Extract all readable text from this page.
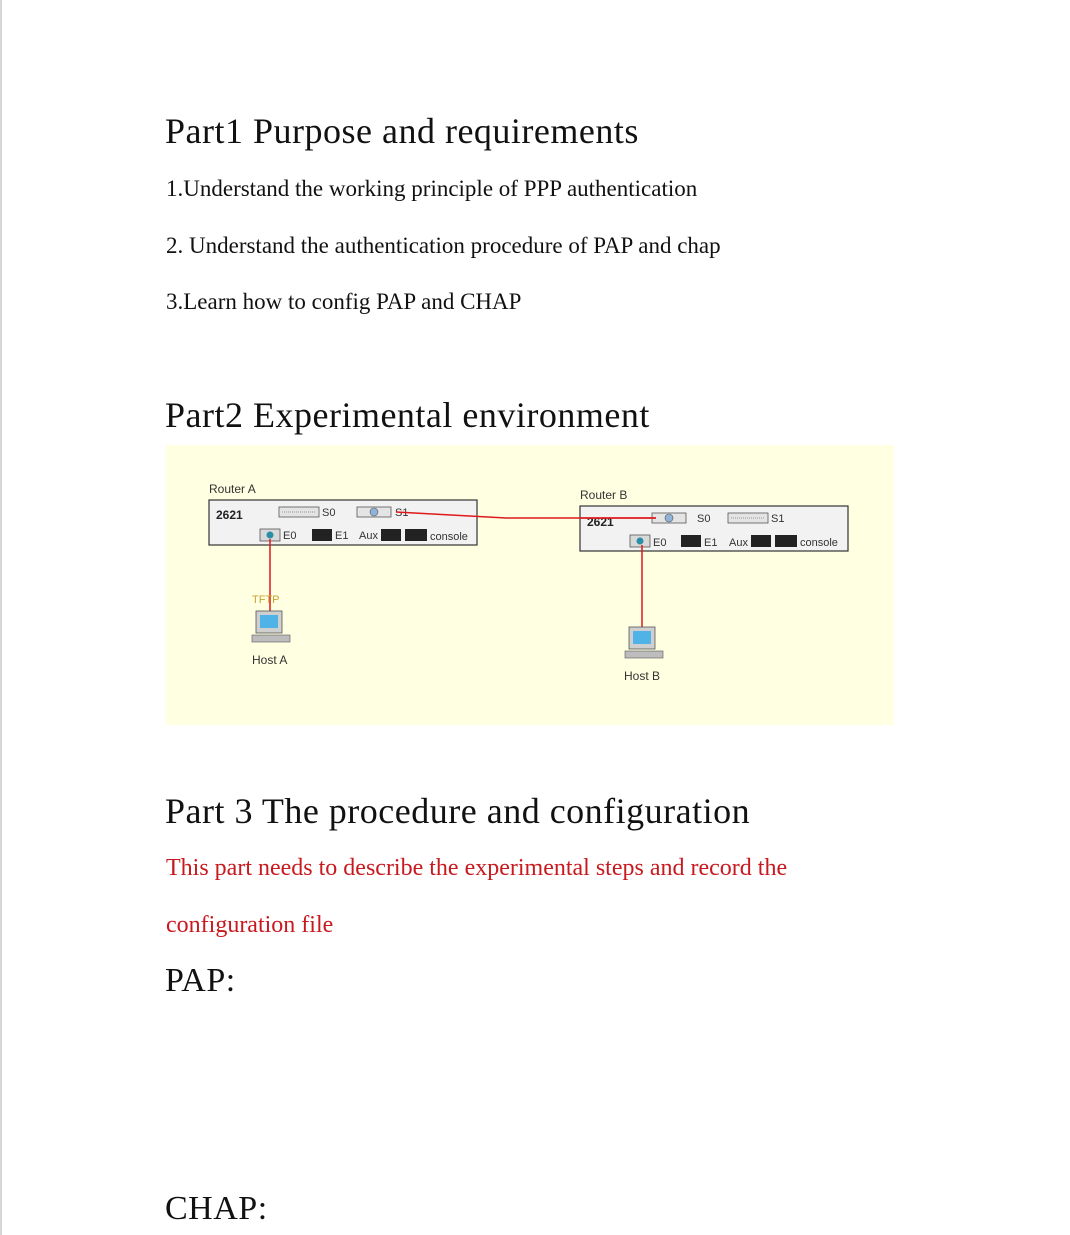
Part1 Purpose and requirements

1.Understand the working principle of PPP authentication

2. Understand the authentication procedure of PAP and chap

3.Learn how to config PAP and CHAP

Part2 Experimental environment
Router A
2621	S0	S1
E0	E1 Aux	console
Router B
2621	S0	S1
E0	E1 Aux	console
TFTP
Host A
Host B
Part 3 The procedure and configuration

This part needs to describe the experimental steps and record the

configuration file

PAP:
CHAP:
